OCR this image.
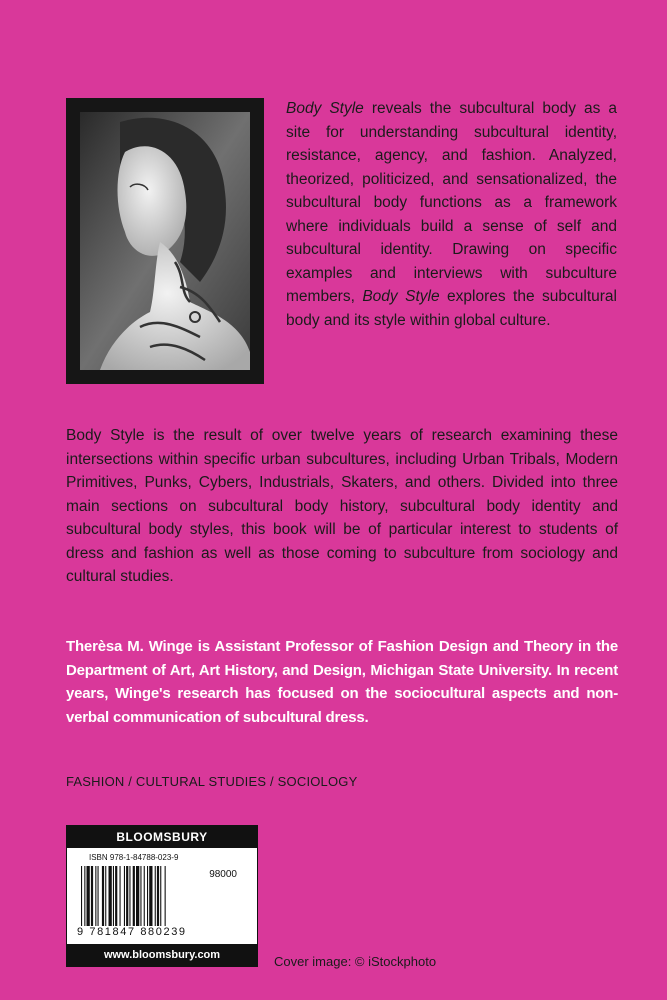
Body Style reveals the subcultural body as a site for understanding subcultural identity, resistance, agency, and fashion. Analyzed, theorized, politicized, and sensationalized, the subcultural body functions as a framework where individuals build a sense of self and subcultural identity. Drawing on specific examples and interviews with subculture members, Body Style explores the subcultural body and its style within global culture.

Body Style is the result of over twelve years of research examining these intersections within specific urban subcultures, including Urban Tribals, Modern Primitives, Punks, Cybers, Industrials, Skaters, and others. Divided into three main sections on subcultural body history, subcultural body identity and subcultural body styles, this book will be of particular interest to students of dress and fashion as well as those coming to subculture from sociology and cultural studies.

Therèsa M. Winge is Assistant Professor of Fashion Design and Theory in the Department of Art, Art History, and Design, Michigan State University. In recent years, Winge's research has focused on the sociocultural aspects and non-verbal communication of subcultural dress.

FASHION / CULTURAL STUDIES / SOCIOLOGY
BLOOMSBURY
ISBN 978-1-84788-023-9
98000
9 781847 880239
www.bloomsbury.com	Cover image: © iStockphoto
